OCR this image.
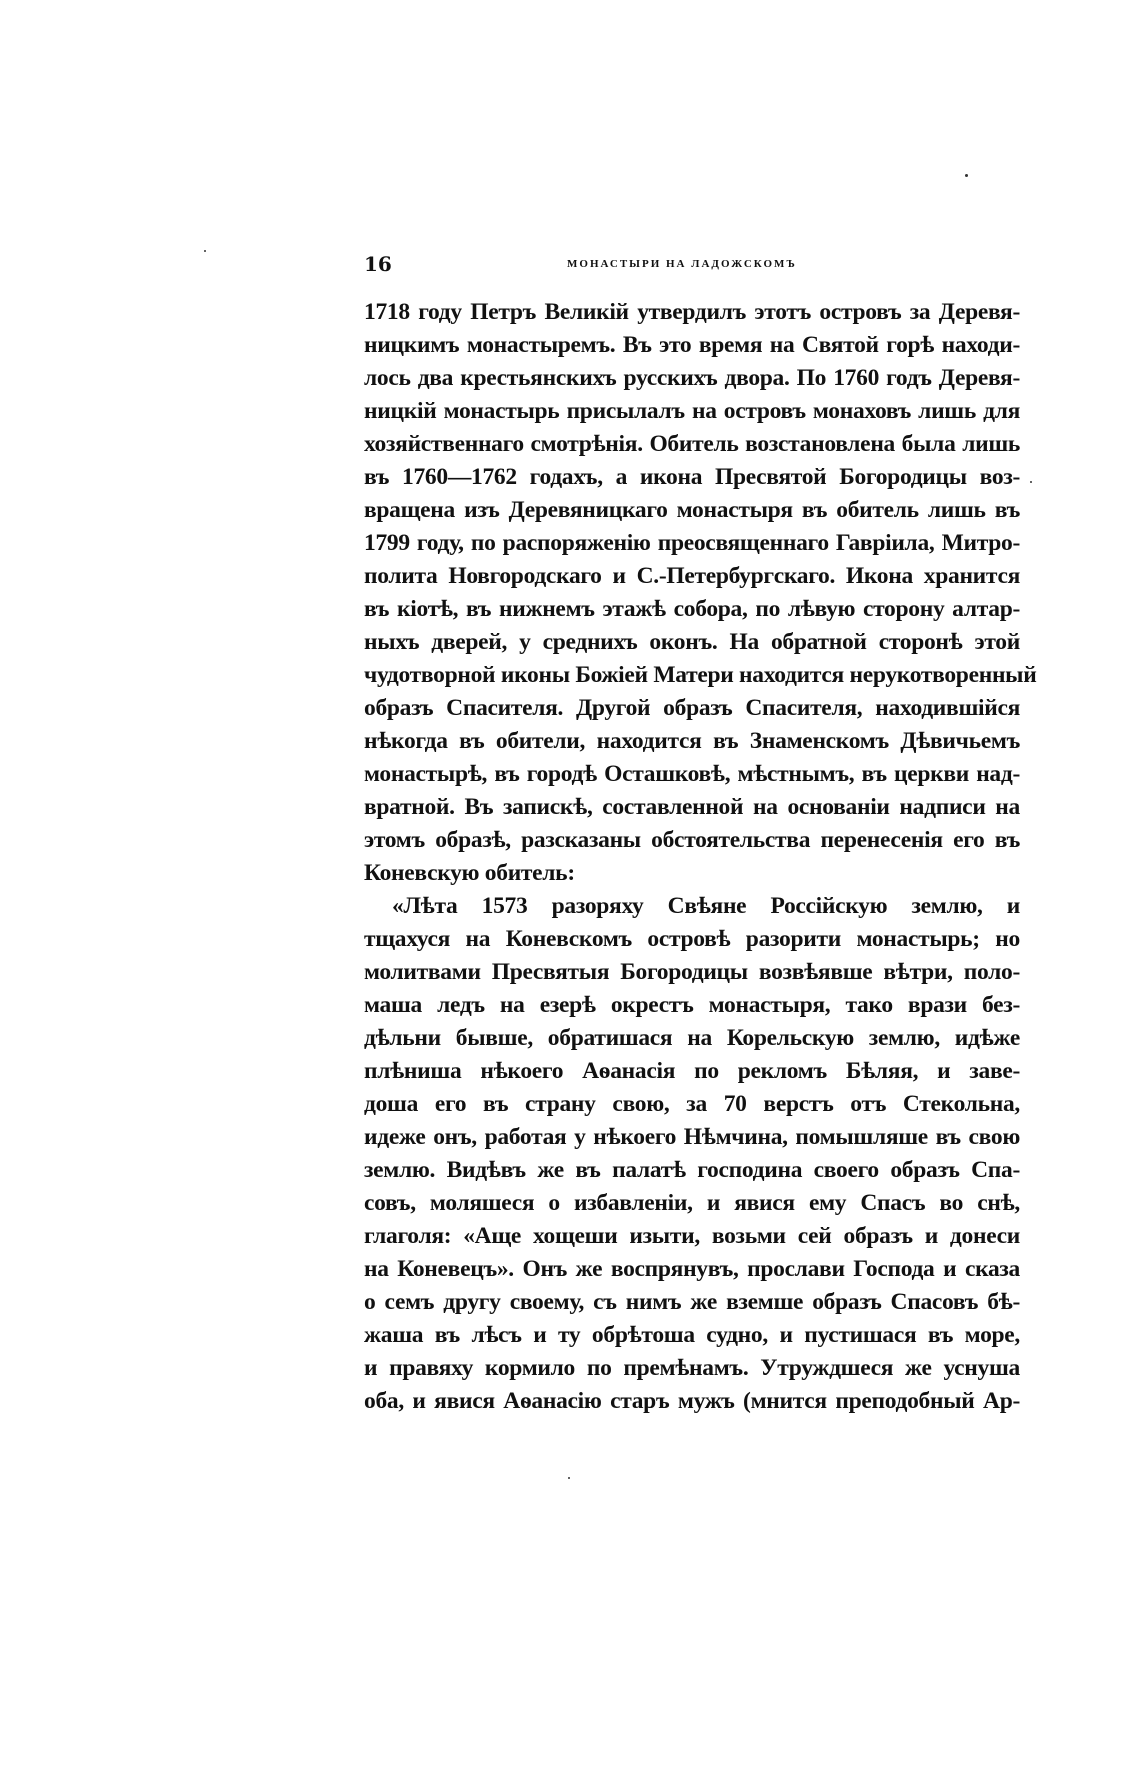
16	МОНАСТЫРИ НА ЛАДОЖСКОМЪ
1718 году Петръ Великій утвердилъ этотъ островъ за Деревя-
ницкимъ монастыремъ. Въ это время на Святой горѣ находи-
лось два крестьянскихъ русскихъ двора. По 1760 годъ Деревя-
ницкій монастырь присылалъ на островъ монаховъ лишь для
хозяйственнаго смотрѣнія. Обитель возстановлена была лишь
въ 1760—1762 годахъ, а икона Пресвятой Богородицы воз-
вращена изъ Деревяницкаго монастыря въ обитель лишь въ
1799 году, по распоряженію преосвященнаго Гавріила, Митро-
полита Новгородскаго и С.-Петербургскаго. Икона хранится
въ кіотѣ, въ нижнемъ этажѣ собора, по лѣвую сторону алтар-
ныхъ дверей, у среднихъ оконъ. На обратной сторонѣ этой
чудотворной иконы Божіей Матери находится нерукотворенный
образъ Спасителя. Другой образъ Спасителя, находившійся
нѣкогда въ обители, находится въ Знаменскомъ Дѣвичьемъ
монастырѣ, въ городѣ Осташковѣ, мѣстнымъ, въ церкви над-
вратной. Въ запискѣ, составленной на основаніи надписи на
этомъ образѣ, разсказаны обстоятельства перенесенія его въ
Коневскую обитель:
«Лѣта 1573 разоряху Свѣяне Россійскую землю, и
тщахуся на Коневскомъ островѣ разорити монастырь; но
молитвами Пресвятыя Богородицы возвѣявше вѣтри, поло-
маша ледъ на езерѣ окрестъ монастыря, тако врази без-
дѣльни бывше, обратишася на Корельскую землю, идѣже
плѣниша нѣкоего Аѳанасія по рекломъ Бѣляя, и заве-
доша его въ страну свою, за 70 верстъ отъ Стекольна,
идеже онъ, работая у нѣкоего Нѣмчина, помышляше въ свою
землю. Видѣвъ же въ палатѣ господина своего образъ Спа-
совъ, моляшеся о избавленіи, и явися ему Спасъ во снѣ,
глаголя: «Аще хощеши изыти, возьми сей образъ и донеси
на Коневецъ». Онъ же воспрянувъ, прослави Господа и сказа
о семъ другу своему, съ нимъ же вземше образъ Спасовъ бѣ-
жаша въ лѣсъ и ту обрѣтоша судно, и пустишася въ море,
и правяху кормило по премѣнамъ. Утруждшеся же уснуша
оба, и явися Аѳанасію старъ мужъ (мнится преподобный Ар-
